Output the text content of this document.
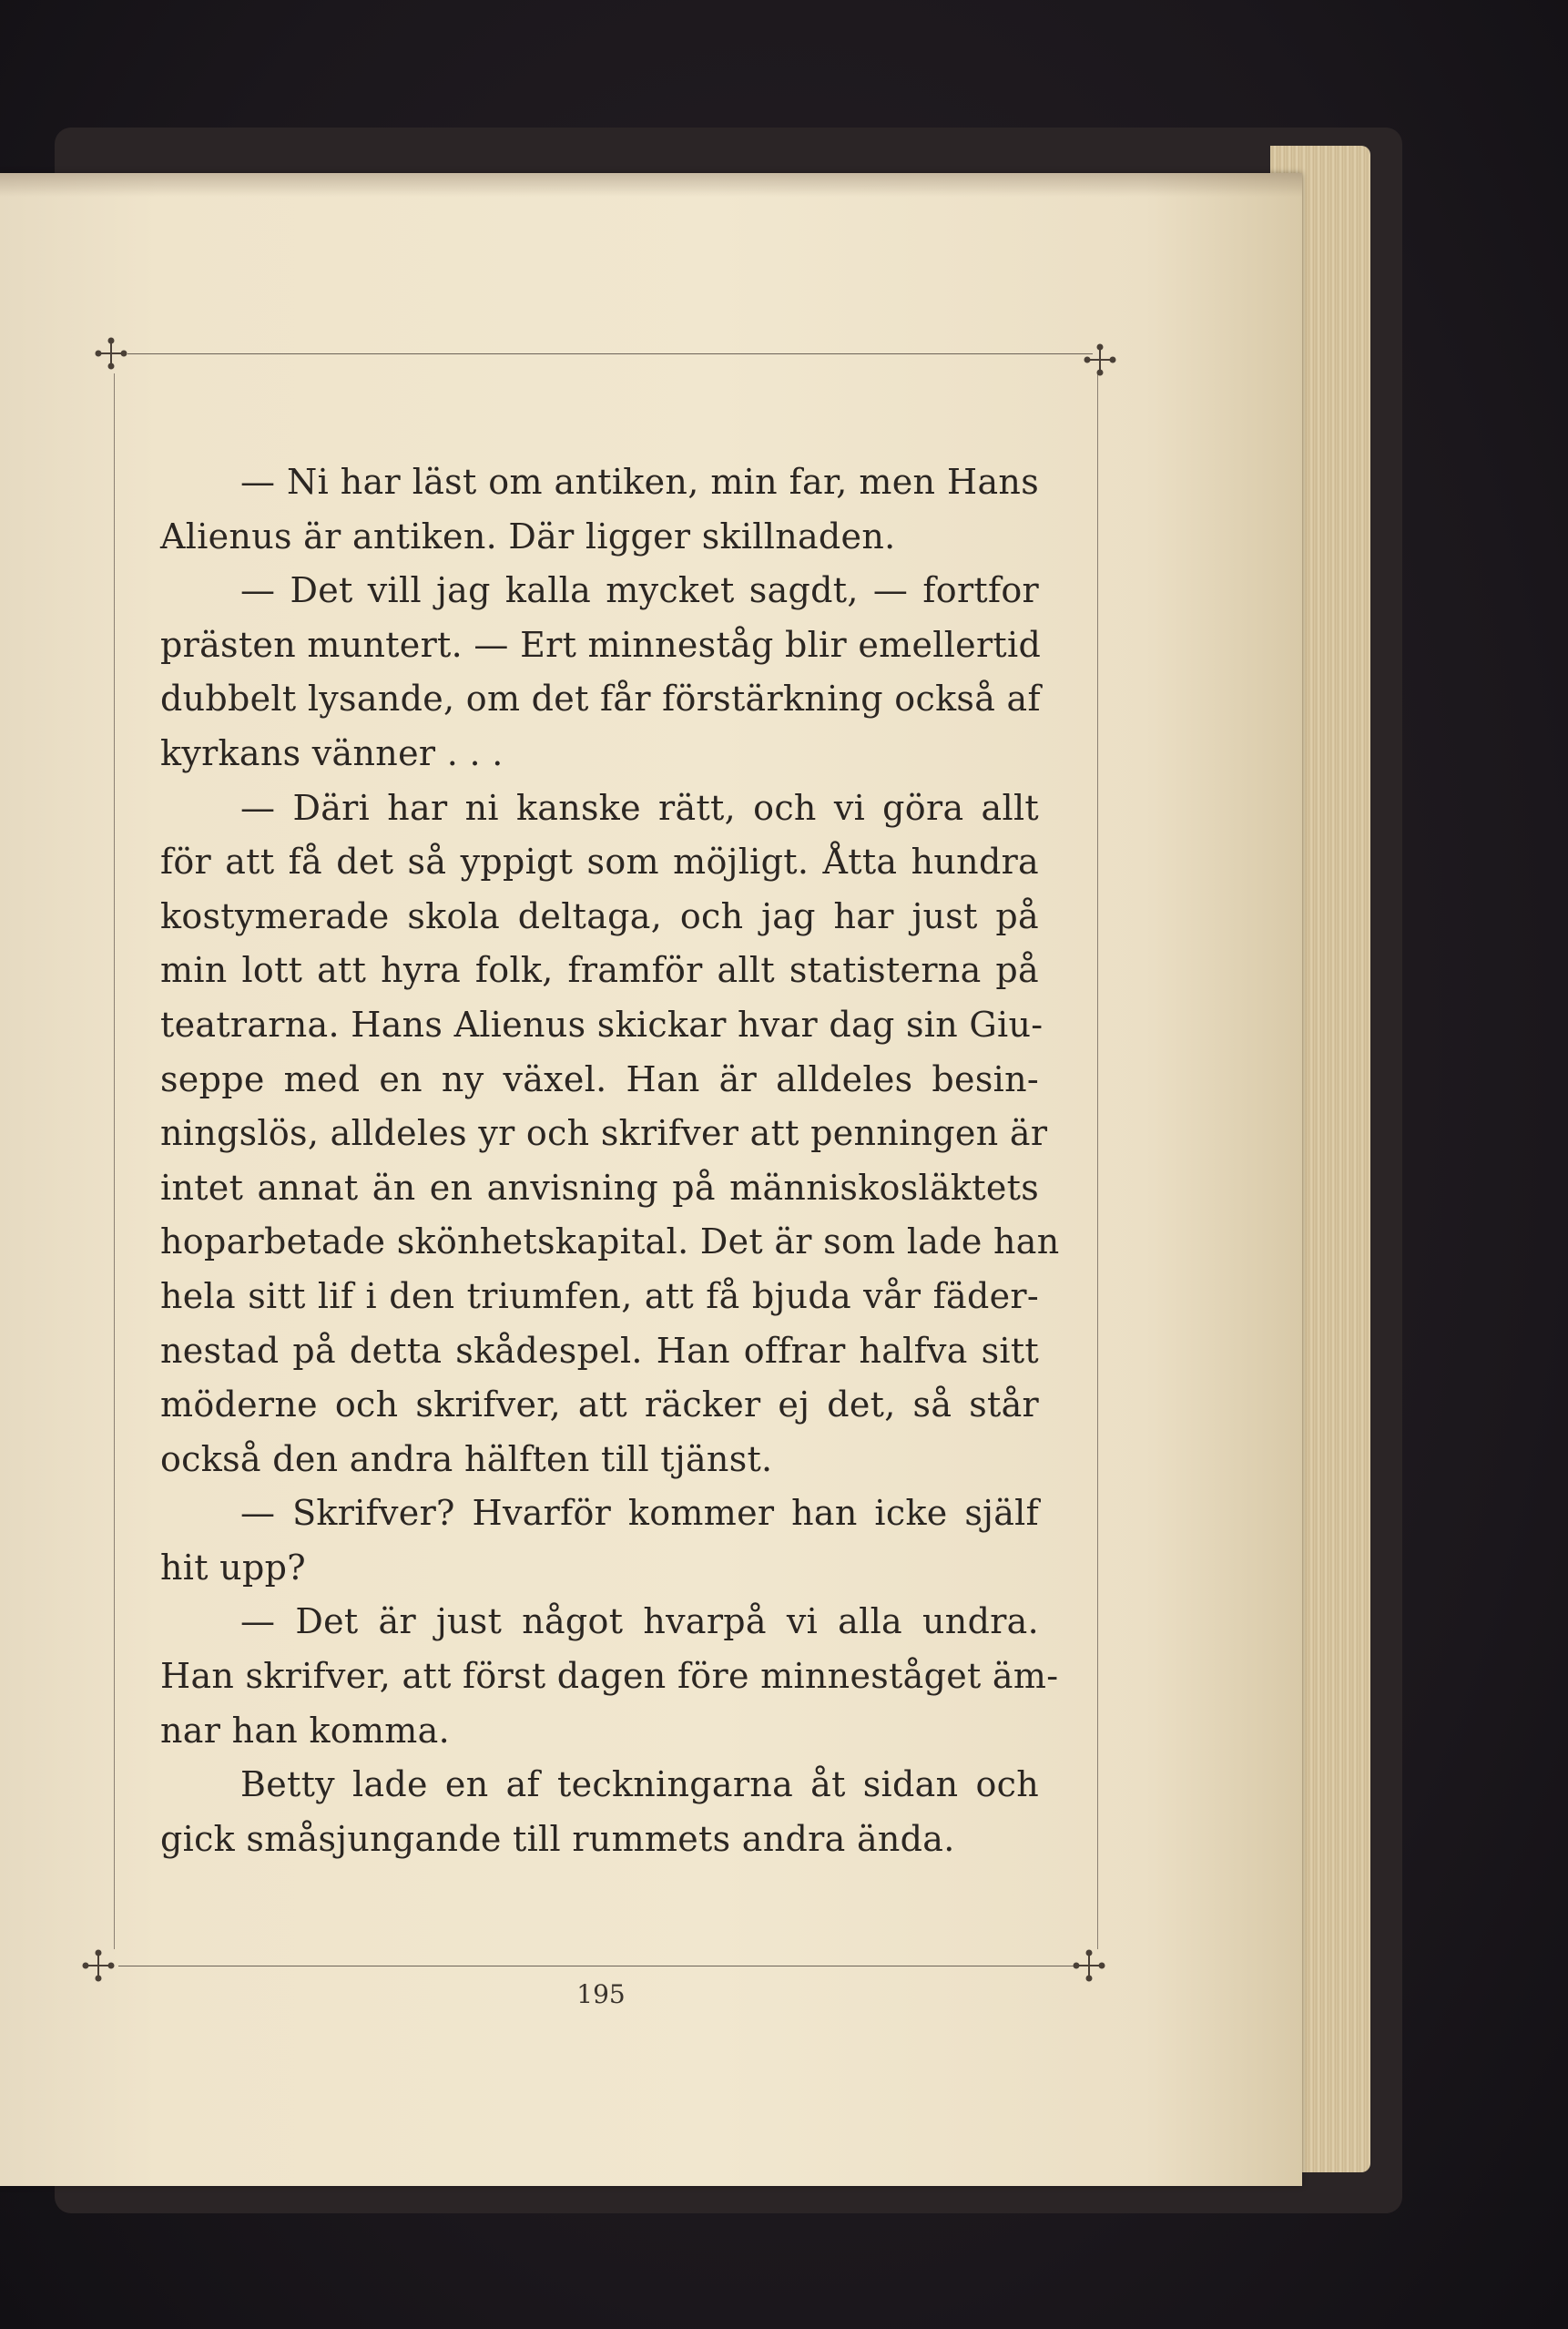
— Ni har läst om antiken, min far, men Hans
Alienus är antiken. Där ligger skillnaden.
— Det vill jag kalla mycket sagdt, — fortfor
prästen muntert. — Ert minneståg blir emellertid
dubbelt lysande, om det får förstärkning också af
kyrkans vänner . . .
— Däri har ni kanske rätt, och vi göra allt
för att få det så yppigt som möjligt. Åtta hundra
kostymerade skola deltaga, och jag har just på
min lott att hyra folk, framför allt statisterna på
teatrarna. Hans Alienus skickar hvar dag sin Giu-
seppe med en ny växel. Han är alldeles besin-
ningslös, alldeles yr och skrifver att penningen är
intet annat än en anvisning på människosläktets
hoparbetade skönhetskapital. Det är som lade han
hela sitt lif i den triumfen, att få bjuda vår fäder-
nestad på detta skådespel. Han offrar halfva sitt
möderne och skrifver, att räcker ej det, så står
också den andra hälften till tjänst.
— Skrifver? Hvarför kommer han icke själf
hit upp?
— Det är just något hvarpå vi alla undra.
Han skrifver, att först dagen före minneståget äm-
nar han komma.
Betty lade en af teckningarna åt sidan och
gick småsjungande till rummets andra ända.
195
